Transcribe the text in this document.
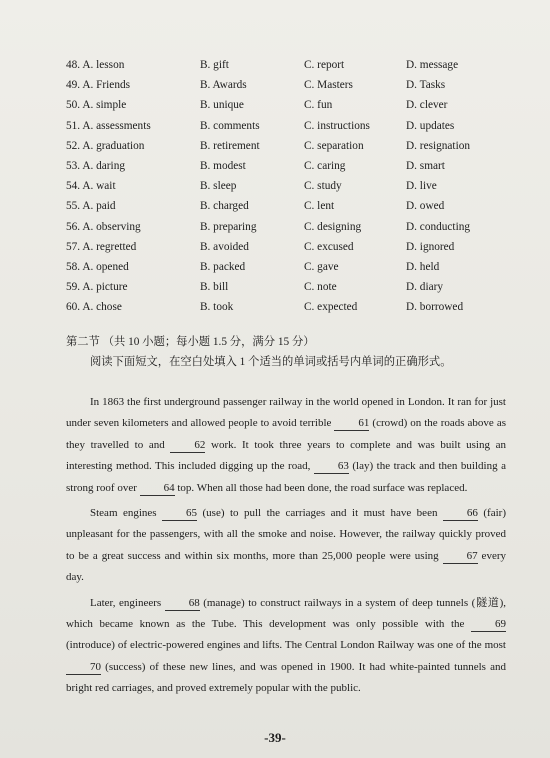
48. A. lesson	B. gift	C. report	D. message
49. A. Friends	B. Awards	C. Masters	D. Tasks
50. A. simple	B. unique	C. fun	D. clever
51. A. assessments	B. comments	C. instructions	D. updates
52. A. graduation	B. retirement	C. separation	D. resignation
53. A. daring	B. modest	C. caring	D. smart
54. A. wait	B. sleep	C. study	D. live
55. A. paid	B. charged	C. lent	D. owed
56. A. observing	B. preparing	C. designing	D. conducting
57. A. regretted	B. avoided	C. excused	D. ignored
58. A. opened	B. packed	C. gave	D. held
59. A. picture	B. bill	C. note	D. diary
60. A. chose	B. took	C. expected	D. borrowed
第二节 （共 10 小题；每小题 1.5 分，满分 15 分）
阅读下面短文，在空白处填入 1 个适当的单词或括号内单词的正确形式。

In 1863 the first underground passenger railway in the world opened in London. It ran for just under seven kilometers and allowed people to avoid terrible 61 (crowd) on the roads above as they travelled to and 62 work. It took three years to complete and was built using an interesting method. This included digging up the road, 63 (lay) the track and then building a strong roof over 64 top. When all those had been done, the road surface was replaced.

Steam engines 65 (use) to pull the carriages and it must have been 66 (fair) unpleasant for the passengers, with all the smoke and noise. However, the railway quickly proved to be a great success and within six months, more than 25,000 people were using 67 every day.

Later, engineers 68 (manage) to construct railways in a system of deep tunnels (隧道), which became known as the Tube. This development was only possible with the 69 (introduce) of electric-powered engines and lifts. The Central London Railway was one of the most 70 (success) of these new lines, and was opened in 1900. It had white-painted tunnels and bright red carriages, and proved extremely popular with the public.

-39-
